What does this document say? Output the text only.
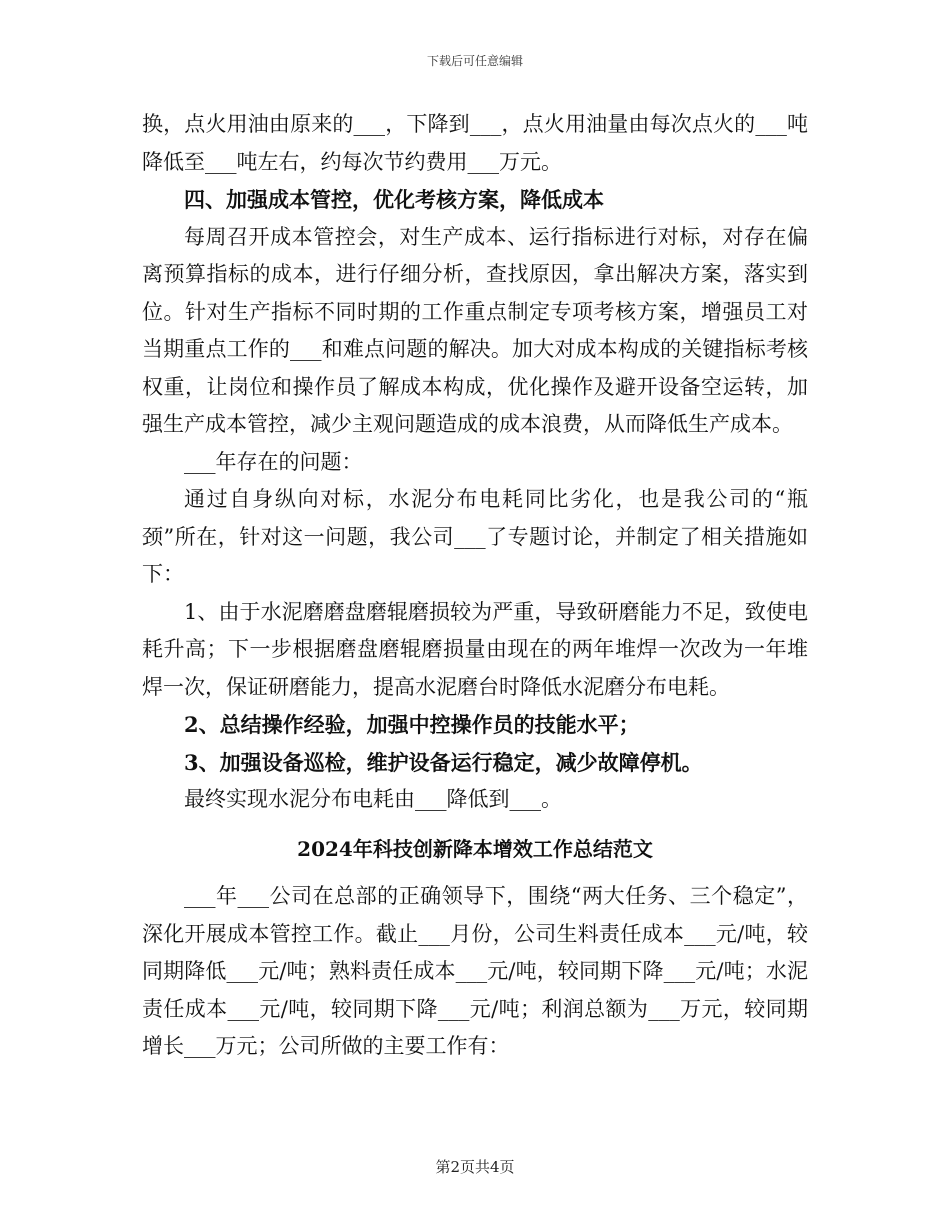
下载后可任意编辑

换，点火用油由原来的___，下降到___，点火用油量由每次点火的___吨降低至___吨左右，约每次节约费用___万元。

四、加强成本管控，优化考核方案，降低成本

每周召开成本管控会，对生产成本、运行指标进行对标，对存在偏离预算指标的成本，进行仔细分析，查找原因，拿出解决方案，落实到位。针对生产指标不同时期的工作重点制定专项考核方案，增强员工对当期重点工作的___和难点问题的解决。加大对成本构成的关键指标考核权重，让岗位和操作员了解成本构成，优化操作及避开设备空运转，加强生产成本管控，减少主观问题造成的成本浪费，从而降低生产成本。

___年存在的问题：

通过自身纵向对标，水泥分布电耗同比劣化，也是我公司的“瓶颈”所在，针对这一问题，我公司___了专题讨论，并制定了相关措施如下：

1、由于水泥磨磨盘磨辊磨损较为严重，导致研磨能力不足，致使电耗升高；下一步根据磨盘磨辊磨损量由现在的两年堆焊一次改为一年堆焊一次，保证研磨能力，提高水泥磨台时降低水泥磨分布电耗。

2、总结操作经验，加强中控操作员的技能水平；

3、加强设备巡检，维护设备运行稳定，减少故障停机。

最终实现水泥分布电耗由___降低到___。

2024年科技创新降本增效工作总结范文

___年___公司在总部的正确领导下，围绕“两大任务、三个稳定”，深化开展成本管控工作。截止___月份，公司生料责任成本___元/吨，较同期降低___元/吨；熟料责任成本___元/吨，较同期下降___元/吨；水泥责任成本___元/吨，较同期下降___元/吨；利润总额为___万元，较同期增长___万元；公司所做的主要工作有：

第2页共4页
